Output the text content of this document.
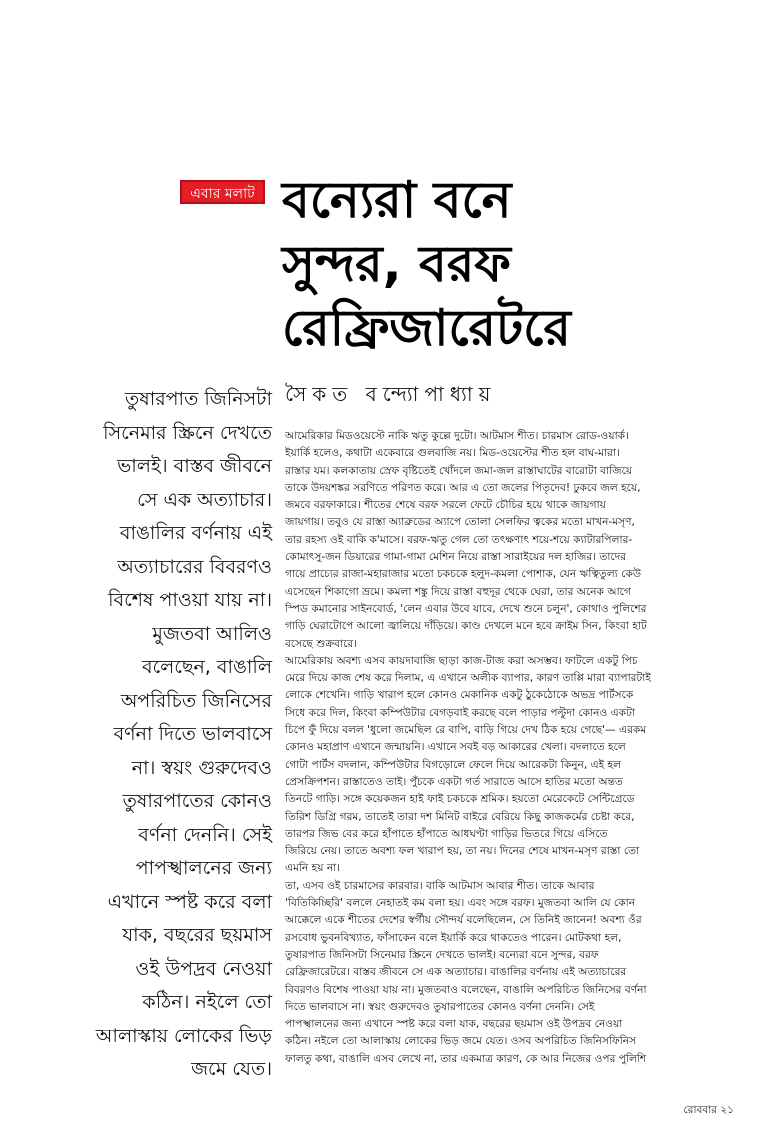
এবার মলাট বন্যেরা বনে
সুন্দর, বরফ
রেফ্রিজারেটরে
সৈকত বন্দ্যোপাধ্যায়
তুষারপাত জিনিসটা
সিনেমার স্ক্রিনে দেখতে
ভালই। বাস্তব জীবনে
সে এক অত্যাচার।
বাঙালির বর্ণনায় এই
অত্যাচারের বিবরণও
বিশেষ পাওয়া যায় না।
মুজতবা আলিও
বলেছেন, বাঙালি
অপরিচিত জিনিসের
বর্ণনা দিতে ভালবাসে
না। স্বয়ং গুরুদেবও
তুষারপাতের কোনও
বর্ণনা দেননি। সেই
পাপস্খালনের জন্য
এখানে স্পষ্ট করে বলা
যাক, বছরের ছয়মাস
ওই উপদ্রব নেওয়া
কঠিন। নইলে তো
আলাস্কায় লোকের ভিড়
জমে যেত।
আমেরিকার মিডওয়েস্টে নাকি ঋতু কুল্লে দুটো। আটমাস শীত। চারমাস রোড-ওয়ার্ক।
ইয়ার্কি হলেও, কথাটা একেবারে গুলবাজি নয়। মিড-ওয়েস্টের শীত হল বাঘ-মারা।
রাস্তার যম। কলকাতায় স্রেফ বৃষ্টিতেই খোঁদলে জমা-জল রাস্তাঘাটের বারোটা বাজিয়ে
তাকে উদয়শঙ্কর সরণিতে পরিণত করে। আর এ তো জলের পিতৃদেব! ঢুকবে জল হয়ে,
জমবে বরফাকারে। শীতের শেষে বরফ সরলে ফেটে চৌচির হয়ে থাকে জায়গায়
জায়গায়। তবুও যে রাস্তা অ্যাব্রুডের অ্যাপে তোলা সেলফির ত্বকের মতো মাখন-মসৃণ,
তার রহস্য ওই বাকি ক'মাসে। বরফ-ঋতু গেল তো তৎক্ষণাৎ শয়ে-শয়ে ক্যাটারপিলার-
কোমাৎসু-জন ডিয়ারের গামা-গামা মেশিন নিয়ে রাস্তা সারাইয়ের দল হাজির। তাদের
গায়ে প্রাচ্যের রাজা-মহারাজার মতো চকচকে হলুদ-কমলা পোশাক, যেন ঋত্বিতুল্য কেউ
এসেছেন শিকাগো ভ্রমে। কমলা শঙ্কু দিয়ে রাস্তা বহুদূর থেকে ঘেরা, তার অনেক আগে
স্পিড কমানোর সাইনবোর্ড, 'লেন এবার উবে যাবে, দেখে শুনে চলুন', কোথাও পুলিশের
গাড়ি ঘেরাটোপে আলো জ্বালিয়ে দাঁড়িয়ে। কাণ্ড দেখলে মনে হবে ক্রাইম সিন, কিংবা হাট
বসেছে শুক্রবারে।
আমেরিকায় অবশ্য এসব কায়দাবাজি ছাড়া কাজ-টাজ করা অসম্ভব। ফাটলে একটু পিচ
মেরে দিয়ে কাজ শেষ করে দিলাম, এ এখানে অলীক ব্যাপার, কারণ তাপ্পি মারা ব্যাপারটাই
লোকে শেখেনি। গাড়ি খারাপ হলে কোনও মেকানিক একটু ঠুকেঠোকে অভদ্র পার্টসকে
সিধে করে দিল, কিংবা কম্পিউটার বেগড়বাই করছে বলে পাড়ার পল্টুদা কোনও একটা
চিপে ফুঁ দিয়ে বলল 'ধুলো জমেছিল রে বাপি, বাড়ি গিয়ে দেখ ঠিক হয়ে গেছে'— এরকম
কোনও মহাপ্রাণ এখানে জন্মায়নি। এখানে সবই বড় আকারের খেলা। বদলাতে হলে
গোটা পার্টস বদলান, কম্পিউটার বিগড়োলে ফেলে দিয়ে আরেকটা কিনুন, এই হল
প্রেসক্রিপশন। রাস্তাতেও তাই। পুঁচকে একটা গর্ত সারাতে আসে হাতির মতো অন্তত
তিনটে গাড়ি। সঙ্গে কয়েকজন হাই ফাই চকচকে শ্রমিক। হয়তো মেরেকেটে সেন্টিগ্রেডে
তিরিশ ডিগ্রি গরম, তাতেই তারা দশ মিনিট বাইরে বেরিয়ে কিছু কাজকর্মের চেষ্টা করে,
তারপর জিভ বের করে হাঁপাতে হাঁপাতে আধঘণ্টা গাড়ির ভিতরে গিয়ে এসিতে
জিরিয়ে নেয়। তাতে অবশ্য ফল খারাপ হয়, তা নয়। দিনের শেষে মাখন-মসৃণ রাস্তা তো
এমনি হয় না।
তা, এসব ওই চারমাসের কারবার। বাকি আটমাস আবার শীত। তাকে আবার
'বিতিকিচ্ছিরি' বললে নেহাতই কম বলা হয়। এবং সঙ্গে বরফ। মুজতবা আলি যে কোন
আক্কেলে একে শীতের দেশের স্বর্গীয় সৌন্দর্য বলেছিলেন, সে তিনিই জানেন! অবশ্য ওঁর
রসবোধ ভুবনবিখ্যাত, ফাঁসাকেন বলে ইয়ার্কি করে থাকতেও পারেন। মোটকথা হল,
তুষারপাত জিনিসটা সিনেমার স্ক্রিনে দেখতে ভালই। বন্যেরা বনে সুন্দর, বরফ
রেফ্রিজারেটরে। বাস্তব জীবনে সে এক অত্যাচার। বাঙালির বর্ণনায় এই অত্যাচারের
বিবরণও বিশেষ পাওয়া যায় না। মুজতবাও বলেছেন, বাঙালি অপরিচিত জিনিসের বর্ণনা
দিতে ভালবাসে না। স্বয়ং গুরুদেবও তুষারপাতের কোনও বর্ণনা দেননি। সেই
পাপস্খালনের জন্য এখানে স্পষ্ট করে বলা যাক, বছরের ছয়মাস ওই উপদ্রব নেওয়া
কঠিন। নইলে তো আলাস্কায় লোকের ভিড় জমে যেত। ওসব অপরিচিত জিনিসফিনিস
ফালতু কথা, বাঙালি এসব লেখে না, তার একমাত্র কারণ, কে আর নিজের ওপর পুলিশি
রোববার ২১
